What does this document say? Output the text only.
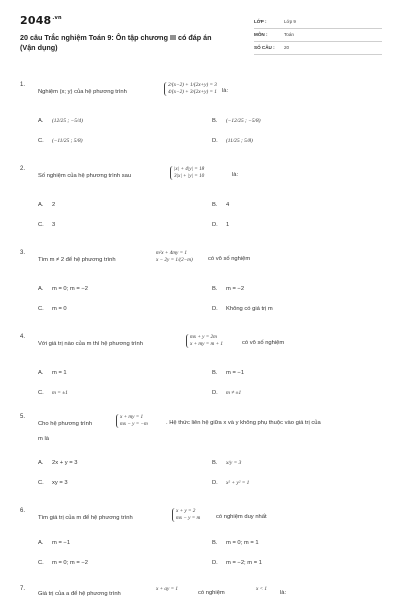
$2048^{.vn}$
20 câu Trắc nghiệm Toán 9: Ôn tập chương III có đáp án
(Vận dụng)
LỚP :	Lớp 9
MÔN :	Toán
SỐ CÂU : 20
1.
Nghiệm (x; y) của hệ phương trình
2/(x−2) + 1/(2x+y) = 3
4/(x−2) + 3/(2x+y) = 1 là:
A. (12/25 ; −5/4)	B. (−12/25 ; −5/8)
C. (−11/25 ; 5/8)	D. (11/25 ; 5/8)
2.
Số nghiệm của hệ phương trình sau
|x| + 4|y| = 18
3|x| + |y| = 10	là:
A. 2	B. 4
C. 3	D. 1
3.
Tìm m ≠ 2 để hệ phương trình
m²x + 4my = 1
x − 2y = 1/(2−m)	có vô số nghiệm
A. m = 0; m = −2	B. m = −2
C. m = 0	D. Không có giá trị m
4.
Với giá trị nào của m thì hệ phương trình
mx + y = 2m
x + my = m + 1	có vô số nghiệm
A. m = 1	B. m = −1
C. m = ±1	D. m ≠ ±1
5.
Cho hệ phương trình
x + my = 1
mx − y = −m	. Hệ thức liên hệ giữa x và y không phụ thuộc vào giá trị của
m là
A. 2x + y = 3	B. x/y = 3
C. xy = 3	D. x² + y² = 1
6.
Tìm giá trị của m để hệ phương trình
x + y = 2
mx − y = m	có nghiệm duy nhất
A. m = −1	B. m = 0; m = 1
C. m = 0; m = −2	D. m = −2; m = 1
7.
Giá trị của a để hệ phương trình
x + ay = 1
có nghiệm
x < 1
là:
